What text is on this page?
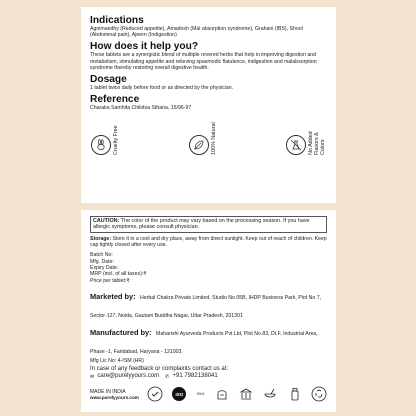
Indications
Agnimandhy (Reduced appetite), Amadosh (Mal absorption syndrome), Grahani (IBS), Shool (Abdominal pain), Ajeern (Indigestion)
How does it help you?
These tablets are a synergistic blend of multiple revered herbs that help in improving digestion and metabolism, stimulating appetite and relieving spasmodic flatulence, indigestion and malabsorption syndrome thereby restoring overall digestive health.
Dosage
1 tablet twice daily before food or as directed by the physician.
Reference
Charaka Samhita Chikitsa Sthana, 15/96-97
Cruelty Free	100% Natural	No Added Flavors & Colors
CAUTION: The color of the product may vary based on the processing season. If you have allergic symptoms, please consult physician.
Storage: Store it in a cool and dry place, away from direct sunlight. Keep out of reach of children. Keep cap tightly closed after every use.
Batch No:
Mfg. Date:
Expiry Date:
MRP (incl. of all taxes):₹
Price per tablet:₹
Marketed by: Herbal Chakra Private Limited, Studio No.05B, IHDP Business Park, Plot No 7, Sector-127, Noida, Gautam Buddha Nagar, Uttar Pradesh, 201301
Manufactured by: Maharishi Ayurveda Products Pvt Ltd, Plot No.83, DLF, Industrial Area, Phase -1, Faridabad, Haryana - 121003.
Mfg Lic No: 4-ISM (HR)
In case of any feedback or complaints contact us at:
✉ care@purelyyours.com ✆ +91 7982138041
MADE IN INDIA
www.purelyyours.com
ISO	9001
